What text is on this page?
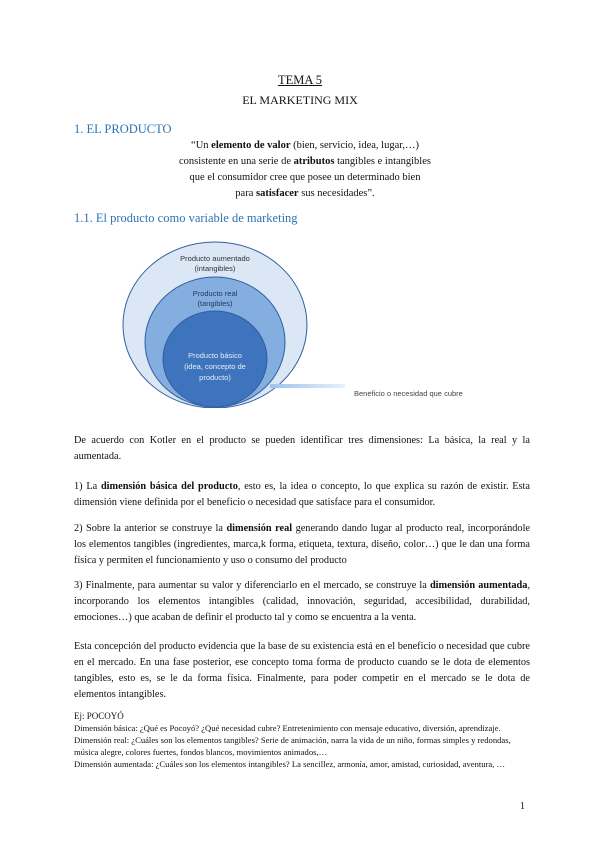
TEMA 5
EL MARKETING MIX
1. EL PRODUCTO
“Un elemento de valor (bien, servicio, idea, lugar,…)
consistente en una serie de atributos tangibles e intangibles
que el consumidor cree que posee un determinado bien
para satisfacer sus necesidades”.
1.1. El producto como variable de marketing
Producto aumentado
(intangibles)
Producto real
(tangibles)
Producto básico
(idea, concepto de
producto)
Beneficio o necesidad que cubre
De acuerdo con Kotler en el producto se pueden identificar tres dimensiones: La básica, la real y la aumentada.
1) La dimensión básica del producto, esto es, la idea o concepto, lo que explica su razón de existir. Esta dimensión viene definida por el beneficio o necesidad que satisface para el consumidor.
2) Sobre la anterior se construye la dimensión real generando dando lugar al producto real, incorporándole los elementos tangibles (ingredientes, marca,k forma, etiqueta, textura, diseño, color…) que le dan una forma física y permiten el funcionamiento y uso o consumo del producto
3) Finalmente, para aumentar su valor y diferenciarlo en el mercado, se construye la dimensión aumentada, incorporando los elementos intangibles (calidad, innovación, seguridad, accesibilidad, durabilidad, emociones…) que acaban de definir el producto tal y como se encuentra a la venta.
Esta concepción del producto evidencia que la base de su existencia está en el beneficio o necesidad que cubre en el mercado. En una fase posterior, ese concepto toma forma de producto cuando se le dota de elementos tangibles, esto es, se le da forma física. Finalmente, para poder competir en el mercado se le dota de elementos intangibles.
Ej: POCOYÓ
Dimensión básica: ¿Qué es Pocoyó? ¿Qué necesidad cubre? Entretenimiento con mensaje educativo, diversión, aprendizaje.
Dimensión real: ¿Cuáles son los elementos tangibles? Serie de animación, narra la vida de un niño, formas simples y redondas, música alegre, colores fuertes, fondos blancos, movimientos animados,…
Dimensión aumentada: ¿Cuáles son los elementos intangibles? La sencillez, armonía, amor, amistad, curiosidad, aventura, …
1
